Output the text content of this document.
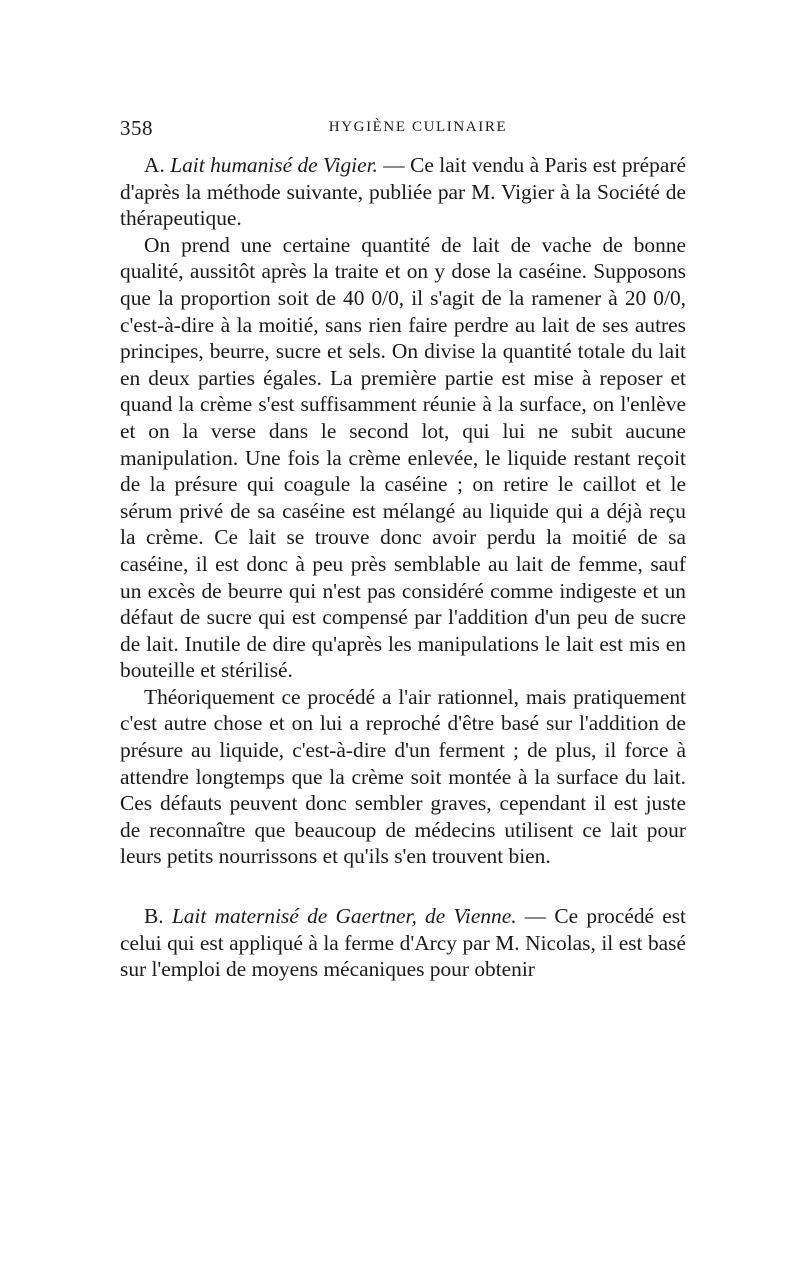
358	HYGIÈNE CULINAIRE

A. Lait humanisé de Vigier. — Ce lait vendu à Paris est préparé d'après la méthode suivante, publiée par M. Vigier à la Société de thérapeutique.

On prend une certaine quantité de lait de vache de bonne qualité, aussitôt après la traite et on y dose la caséine. Supposons que la proportion soit de 40 0/0, il s'agit de la ramener à 20 0/0, c'est-à-dire à la moitié, sans rien faire perdre au lait de ses autres principes, beurre, sucre et sels. On divise la quantité totale du lait en deux parties égales. La première partie est mise à reposer et quand la crème s'est suffisamment réunie à la surface, on l'enlève et on la verse dans le second lot, qui lui ne subit aucune manipulation. Une fois la crème enlevée, le liquide restant reçoit de la présure qui coagule la caséine ; on retire le caillot et le sérum privé de sa caséine est mélangé au liquide qui a déjà reçu la crème. Ce lait se trouve donc avoir perdu la moitié de sa caséine, il est donc à peu près semblable au lait de femme, sauf un excès de beurre qui n'est pas considéré comme indigeste et un défaut de sucre qui est compensé par l'addition d'un peu de sucre de lait. Inutile de dire qu'après les manipulations le lait est mis en bouteille et stérilisé.

Théoriquement ce procédé a l'air rationnel, mais pratiquement c'est autre chose et on lui a reproché d'être basé sur l'addition de présure au liquide, c'est-à-dire d'un ferment ; de plus, il force à attendre longtemps que la crème soit montée à la surface du lait. Ces défauts peuvent donc sembler graves, cependant il est juste de reconnaître que beaucoup de médecins utilisent ce lait pour leurs petits nourrissons et qu'ils s'en trouvent bien.

B. Lait maternisé de Gaertner, de Vienne. — Ce procédé est celui qui est appliqué à la ferme d'Arcy par M. Nicolas, il est basé sur l'emploi de moyens mécaniques pour obtenir
